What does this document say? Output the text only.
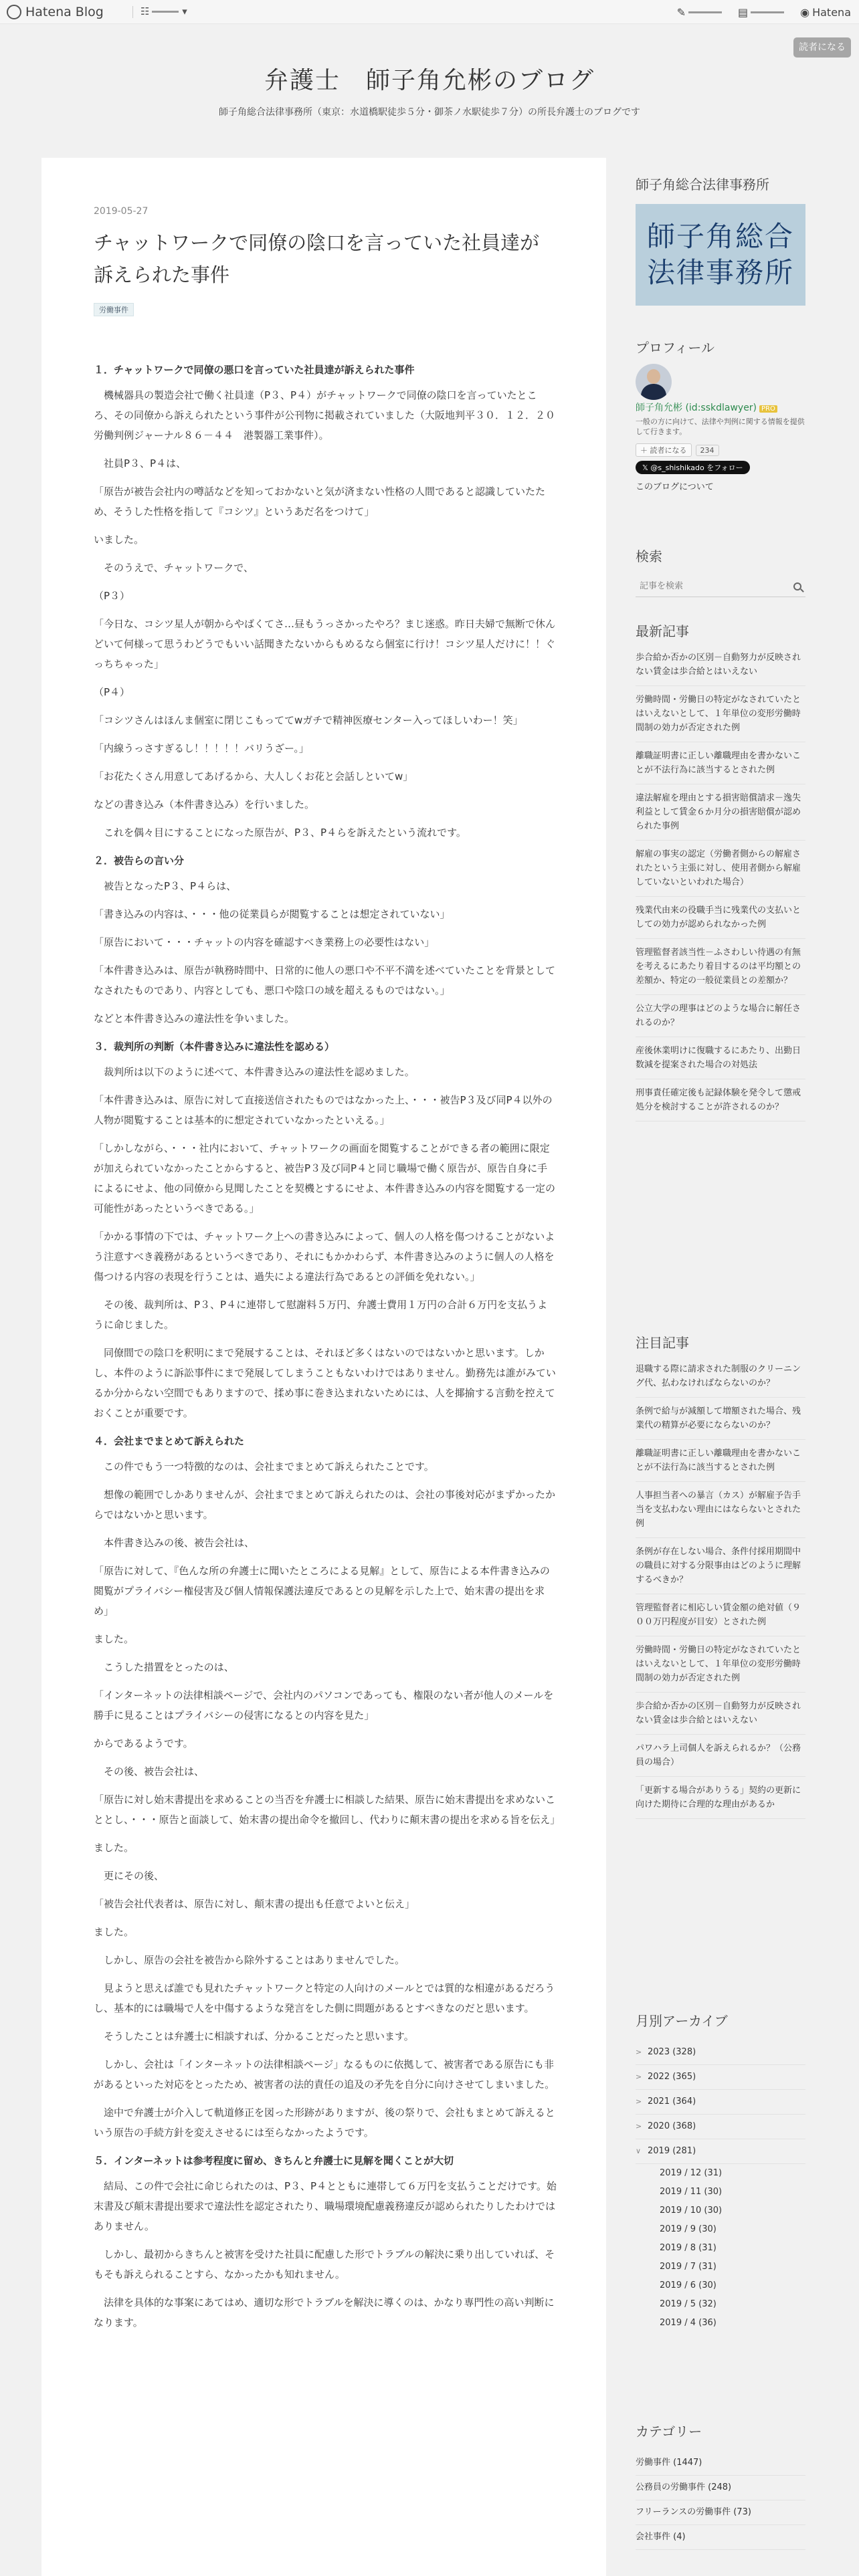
Hatena Blog	☷	▾	✎	▤	◉ Hatena
読者になる
弁護士　師子角允彬のブログ
師子角総合法律事務所（東京：水道橋駅徒歩５分・御茶ノ水駅徒歩７分）の所長弁護士のブログです
2019-05-27
チャットワークで同僚の陰口を言っていた社員達が訴えられた事件
労働事件

１．チャットワークで同僚の悪口を言っていた社員達が訴えられた事件

　機械器具の製造会社で働く社員達（P３、P４）がチャットワークで同僚の陰口を言っていたところ、その同僚から訴えられたという事件が公刊物に掲載されていました（大阪地判平３０．１２．２０労働判例ジャーナル８６－４４　港製器工業事件）。

　社員P３、P４は、

「原告が被告会社内の噂話などを知っておかないと気が済まない性格の人間であると認識していたため、そうした性格を指して『コシツ』というあだ名をつけて」

いました。

　そのうえで、チャットワークで、

（P３）

「今日な、コシツ星人が朝からやばくてさ…昼もうっさかったやろ？まじ迷惑。昨日夫婦で無断で休んどいて何様って思うわどうでもいい話聞きたないからもめるなら個室に行け！コシツ星人だけに！！ぐっちちゃった」

（P４）

「コシツさんはほんま個室に閉じこもっててwガチで精神医療センター入ってほしいわー！笑」

「内線うっさすぎるし！！！！！バリうざー。」

「お花たくさん用意してあげるから、大人しくお花と会話しといてw」

などの書き込み（本件書き込み）を行いました。

　これを偶々目にすることになった原告が、P３、P４らを訴えたという流れです。

２．被告らの言い分

　被告となったP３、P４らは、

「書き込みの内容は、・・・他の従業員らが閲覧することは想定されていない」

「原告において・・・チャットの内容を確認すべき業務上の必要性はない」

「本件書き込みは、原告が執務時間中、日常的に他人の悪口や不平不満を述べていたことを背景としてなされたものであり、内容としても、悪口や陰口の域を超えるものではない。」

などと本件書き込みの違法性を争いました。

３．裁判所の判断（本件書き込みに違法性を認める）

　裁判所は以下のように述べて、本件書き込みの違法性を認めました。

「本件書き込みは、原告に対して直接送信されたものではなかった上、・・・被告P３及び同P４以外の人物が閲覧することは基本的に想定されていなかったといえる。」

「しかしながら、・・・社内において、チャットワークの画面を閲覧することができる者の範囲に限定が加えられていなかったことからすると、被告P３及び同P４と同じ職場で働く原告が、原告自身に手によるにせよ、他の同僚から見聞したことを契機とするにせよ、本件書き込みの内容を閲覧する一定の可能性があったというべきである。」

「かかる事情の下では、チャットワーク上への書き込みによって、個人の人格を傷つけることがないよう注意すべき義務があるというべきであり、それにもかかわらず、本件書き込みのように個人の人格を傷つける内容の表現を行うことは、過失による違法行為であるとの評価を免れない。」

　その後、裁判所は、P３、P４に連帯して慰謝料５万円、弁護士費用１万円の合計６万円を支払うように命じました。

　同僚間での陰口を釈明にまで発展することは、それほど多くはないのではないかと思います。しかし、本件のように訴訟事件にまで発展してしまうこともないわけではありません。勤務先は誰がみているか分からない空間でもありますので、揉め事に巻き込まれないためには、人を揶揄する言動を控えておくことが重要です。

４．会社までまとめて訴えられた

　この件でもう一つ特徴的なのは、会社までまとめて訴えられたことです。

　想像の範囲でしかありませんが、会社までまとめて訴えられたのは、会社の事後対応がまずかったからではないかと思います。

　本件書き込みの後、被告会社は、

「原告に対して、『色んな所の弁護士に聞いたところによる見解』として、原告による本件書き込みの閲覧がプライバシー権侵害及び個人情報保護法違反であるとの見解を示した上で、始末書の提出を求め」

ました。

　こうした措置をとったのは、

「インターネットの法律相談ページで、会社内のパソコンであっても、権限のない者が他人のメールを勝手に見ることはプライバシーの侵害になるとの内容を見た」

からであるようです。

　その後、被告会社は、

「原告に対し始末書提出を求めることの当否を弁護士に相談した結果、原告に始末書提出を求めないこととし、・・・原告と面談して、始末書の提出命令を撤回し、代わりに顛末書の提出を求める旨を伝え」

ました。

　更にその後、

「被告会社代表者は、原告に対し、顛末書の提出も任意でよいと伝え」

ました。

　しかし、原告の会社を被告から除外することはありませんでした。

　見ようと思えば誰でも見れたチャットワークと特定の人向けのメールとでは質的な相違があるだろうし、基本的には職場で人を中傷するような発言をした側に問題があるとすべきなのだと思います。

　そうしたことは弁護士に相談すれば、分かることだったと思います。

　しかし、会社は「インターネットの法律相談ページ」なるものに依拠して、被害者である原告にも非があるといった対応をとったため、被害者の法的責任の追及の矛先を自分に向けさせてしまいました。

　途中で弁護士が介入して軌道修正を図った形跡がありますが、後の祭りで、会社もまとめて訴えるという原告の手続方針を変えさせるには至らなかったようです。

５．インターネットは参考程度に留め、きちんと弁護士に見解を聞くことが大切

　結局、この件で会社に命じられたのは、P３、P４とともに連帯して６万円を支払うことだけです。始末書及び顛末書提出要求で違法性を認定されたり、職場環境配慮義務違反が認められたりしたわけではありません。

　しかし、最初からきちんと被害を受けた社員に配慮した形でトラブルの解決に乗り出していれば、そもそも訴えられることすら、なかったかも知れません。

　法律を具体的な事案にあてはめ、適切な形でトラブルを解決に導くのは、かなり専門性の高い判断になります。

師子角総合法律事務所
師子角総合
法律事務所
プロフィール
師子角允彬 (id:sskdlawyer) PRO
一般の方に向けて、法律や判例に関する情報を提供して行きます。
＋ 読者になる	234
𝕏 @s_shishikado をフォロー
このブログについて
検索
記事を検索
最新記事
歩合給か否かの区別－自動努力が反映されない賃金は歩合給とはいえない
労働時間・労働日の特定がなされていたとはいえないとして、１年単位の変形労働時間制の効力が否定された例
離職証明書に正しい離職理由を書かないことが不法行為に該当するとされた例
違法解雇を理由とする損害賠償請求－逸失利益として賃金６か月分の損害賠償が認められた事例
解雇の事実の認定（労働者側からの解雇されたという主張に対し、使用者側から解雇していないといわれた場合）
残業代由来の役職手当に残業代の支払いとしての効力が認められなかった例
管理監督者該当性－ふさわしい待遇の有無を考えるにあたり着目するのは平均額との差額か、特定の一般従業員との差額か？
公立大学の理事はどのような場合に解任されるのか？
産後休業明けに復職するにあたり、出勤日数減を提案された場合の対処法
刑事責任確定後も記録体験を発令して懲戒処分を検討することが許されるのか？
注目記事
退職する際に請求された制服のクリーニング代、払わなければならないのか？
条例で給与が減額して増額された場合、残業代の精算が必要にならないのか？
離職証明書に正しい離職理由を書かないことが不法行為に該当するとされた例
人事担当者への暴言（カス）が解雇予告手当を支払わない理由にはならないとされた例
条例が存在しない場合、条件付採用期間中の職員に対する分限事由はどのように理解するべきか？
管理監督者に相応しい賃金額の絶対値（９００万円程度が目安）とされた例
労働時間・労働日の特定がなされていたとはいえないとして、１年単位の変形労働時間制の効力が否定された例
歩合給か否かの区別－自動努力が反映されない賃金は歩合給とはいえない
パワハラ上司個人を訴えられるか？（公務員の場合）
「更新する場合がありうる」契約の更新に向けた期待に合理的な理由があるか
月別アーカイブ
> 2023 (328)
> 2022 (365)
> 2021 (364)
> 2020 (368)
∨ 2019 (281)
2019 / 12 (31)
2019 / 11 (30)
2019 / 10 (30)
2019 / 9 (30)
2019 / 8 (31)
2019 / 7 (31)
2019 / 6 (30)
2019 / 5 (32)
2019 / 4 (36)
カテゴリー
労働事件 (1447)
公務員の労働事件 (248)
フリーランスの労働事件 (73)
会社事件 (4)
